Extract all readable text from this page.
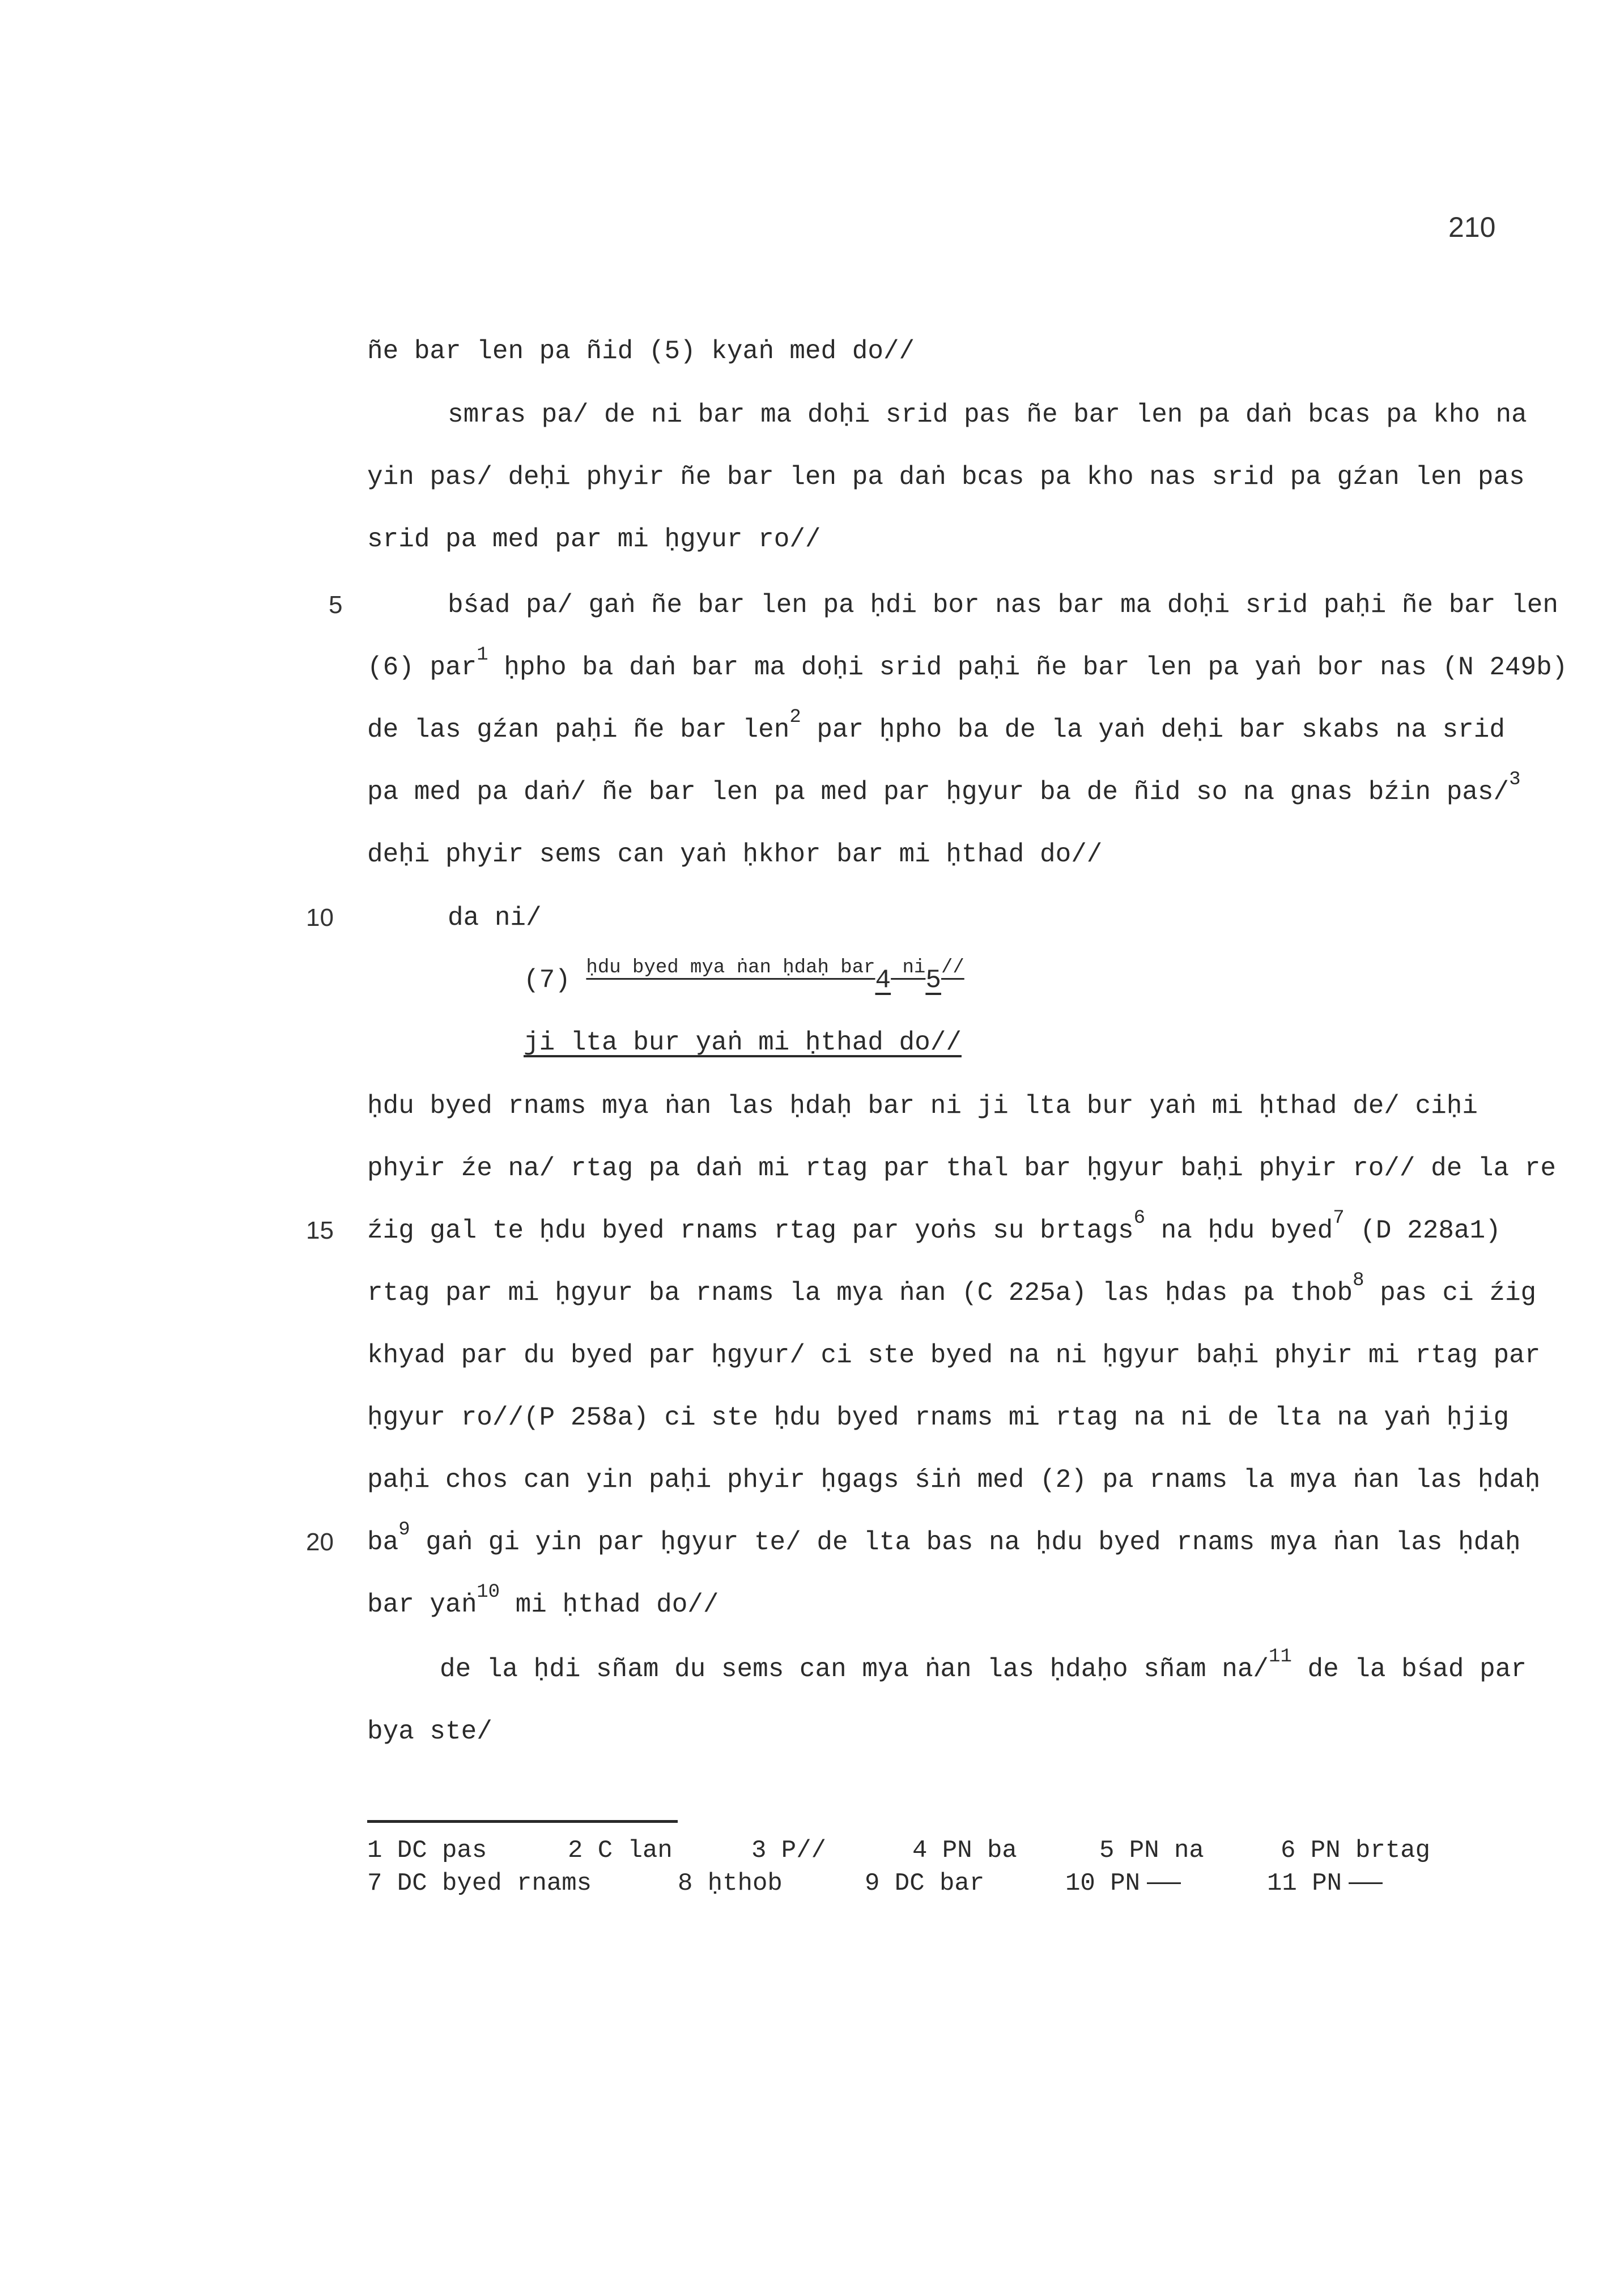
210
ñe bar len pa ñid (5) kyaṅ med do//
smras pa/ de ni bar ma doḥi srid pas ñe bar len pa daṅ bcas pa kho na
yin pas/ deḥi phyir ñe bar len pa daṅ bcas pa kho nas srid pa gźan len pas
srid pa med par mi ḥgyur ro//
bśad pa/ gaṅ ñe bar len pa ḥdi bor nas bar ma doḥi srid paḥi ñe bar len
(6) par$^1$ ḥpho ba daṅ bar ma doḥi srid paḥi ñe bar len pa yaṅ bor nas (N 249b)
de las gźan paḥi ñe bar len$^2$ par ḥpho ba de la yaṅ deḥi bar skabs na srid
pa med pa daṅ/ ñe bar len pa med par ḥgyur ba de ñid so na gnas bźin pas/$^3$
deḥi phyir sems can yaṅ ḥkhor bar mi ḥthad do//
da ni/
(7) $^{ḥdu byed mya ṅan ḥdaḥ bar}$4 $^{ni}$5//
ji lta bur yaṅ mi ḥthad do//
ḥdu byed rnams mya ṅan las ḥdaḥ bar ni ji lta bur yaṅ mi ḥthad de/ ciḥi
phyir źe na/ rtag pa daṅ mi rtag par thal bar ḥgyur baḥi phyir ro// de la re
źig gal te ḥdu byed rnams rtag par yoṅs su brtags$^6$ na ḥdu byed$^7$ (D 228a1)
rtag par mi ḥgyur ba rnams la mya ṅan (C 225a) las ḥdas pa thob$^8$ pas ci źig
khyad par du byed par ḥgyur/ ci ste byed na ni ḥgyur baḥi phyir mi rtag par
ḥgyur ro//(P 258a) ci ste ḥdu byed rnams mi rtag na ni de lta na yaṅ ḥjig
paḥi chos can yin paḥi phyir ḥgags śiṅ med (2) pa rnams la mya ṅan las ḥdaḥ
$ba^9$ gaṅ gi yin par ḥgyur te/ de lta bas na ḥdu byed rnams mya ṅan las ḥdaḥ
bar yaṅ$^{10}$ mi ḥthad do//
de la ḥdi sñam du sems can mya ṅan las ḥdaḥo sñam na/$^{11}$ de la bśad par
bya ste/
5
10
15
20
1 DC pas	2 C lan	3 P//	4 PN ba	5 PN na	6 PN brtag
7 DC byed rnams	8 ḥthob	9 DC bar	10 PN	11 PN
